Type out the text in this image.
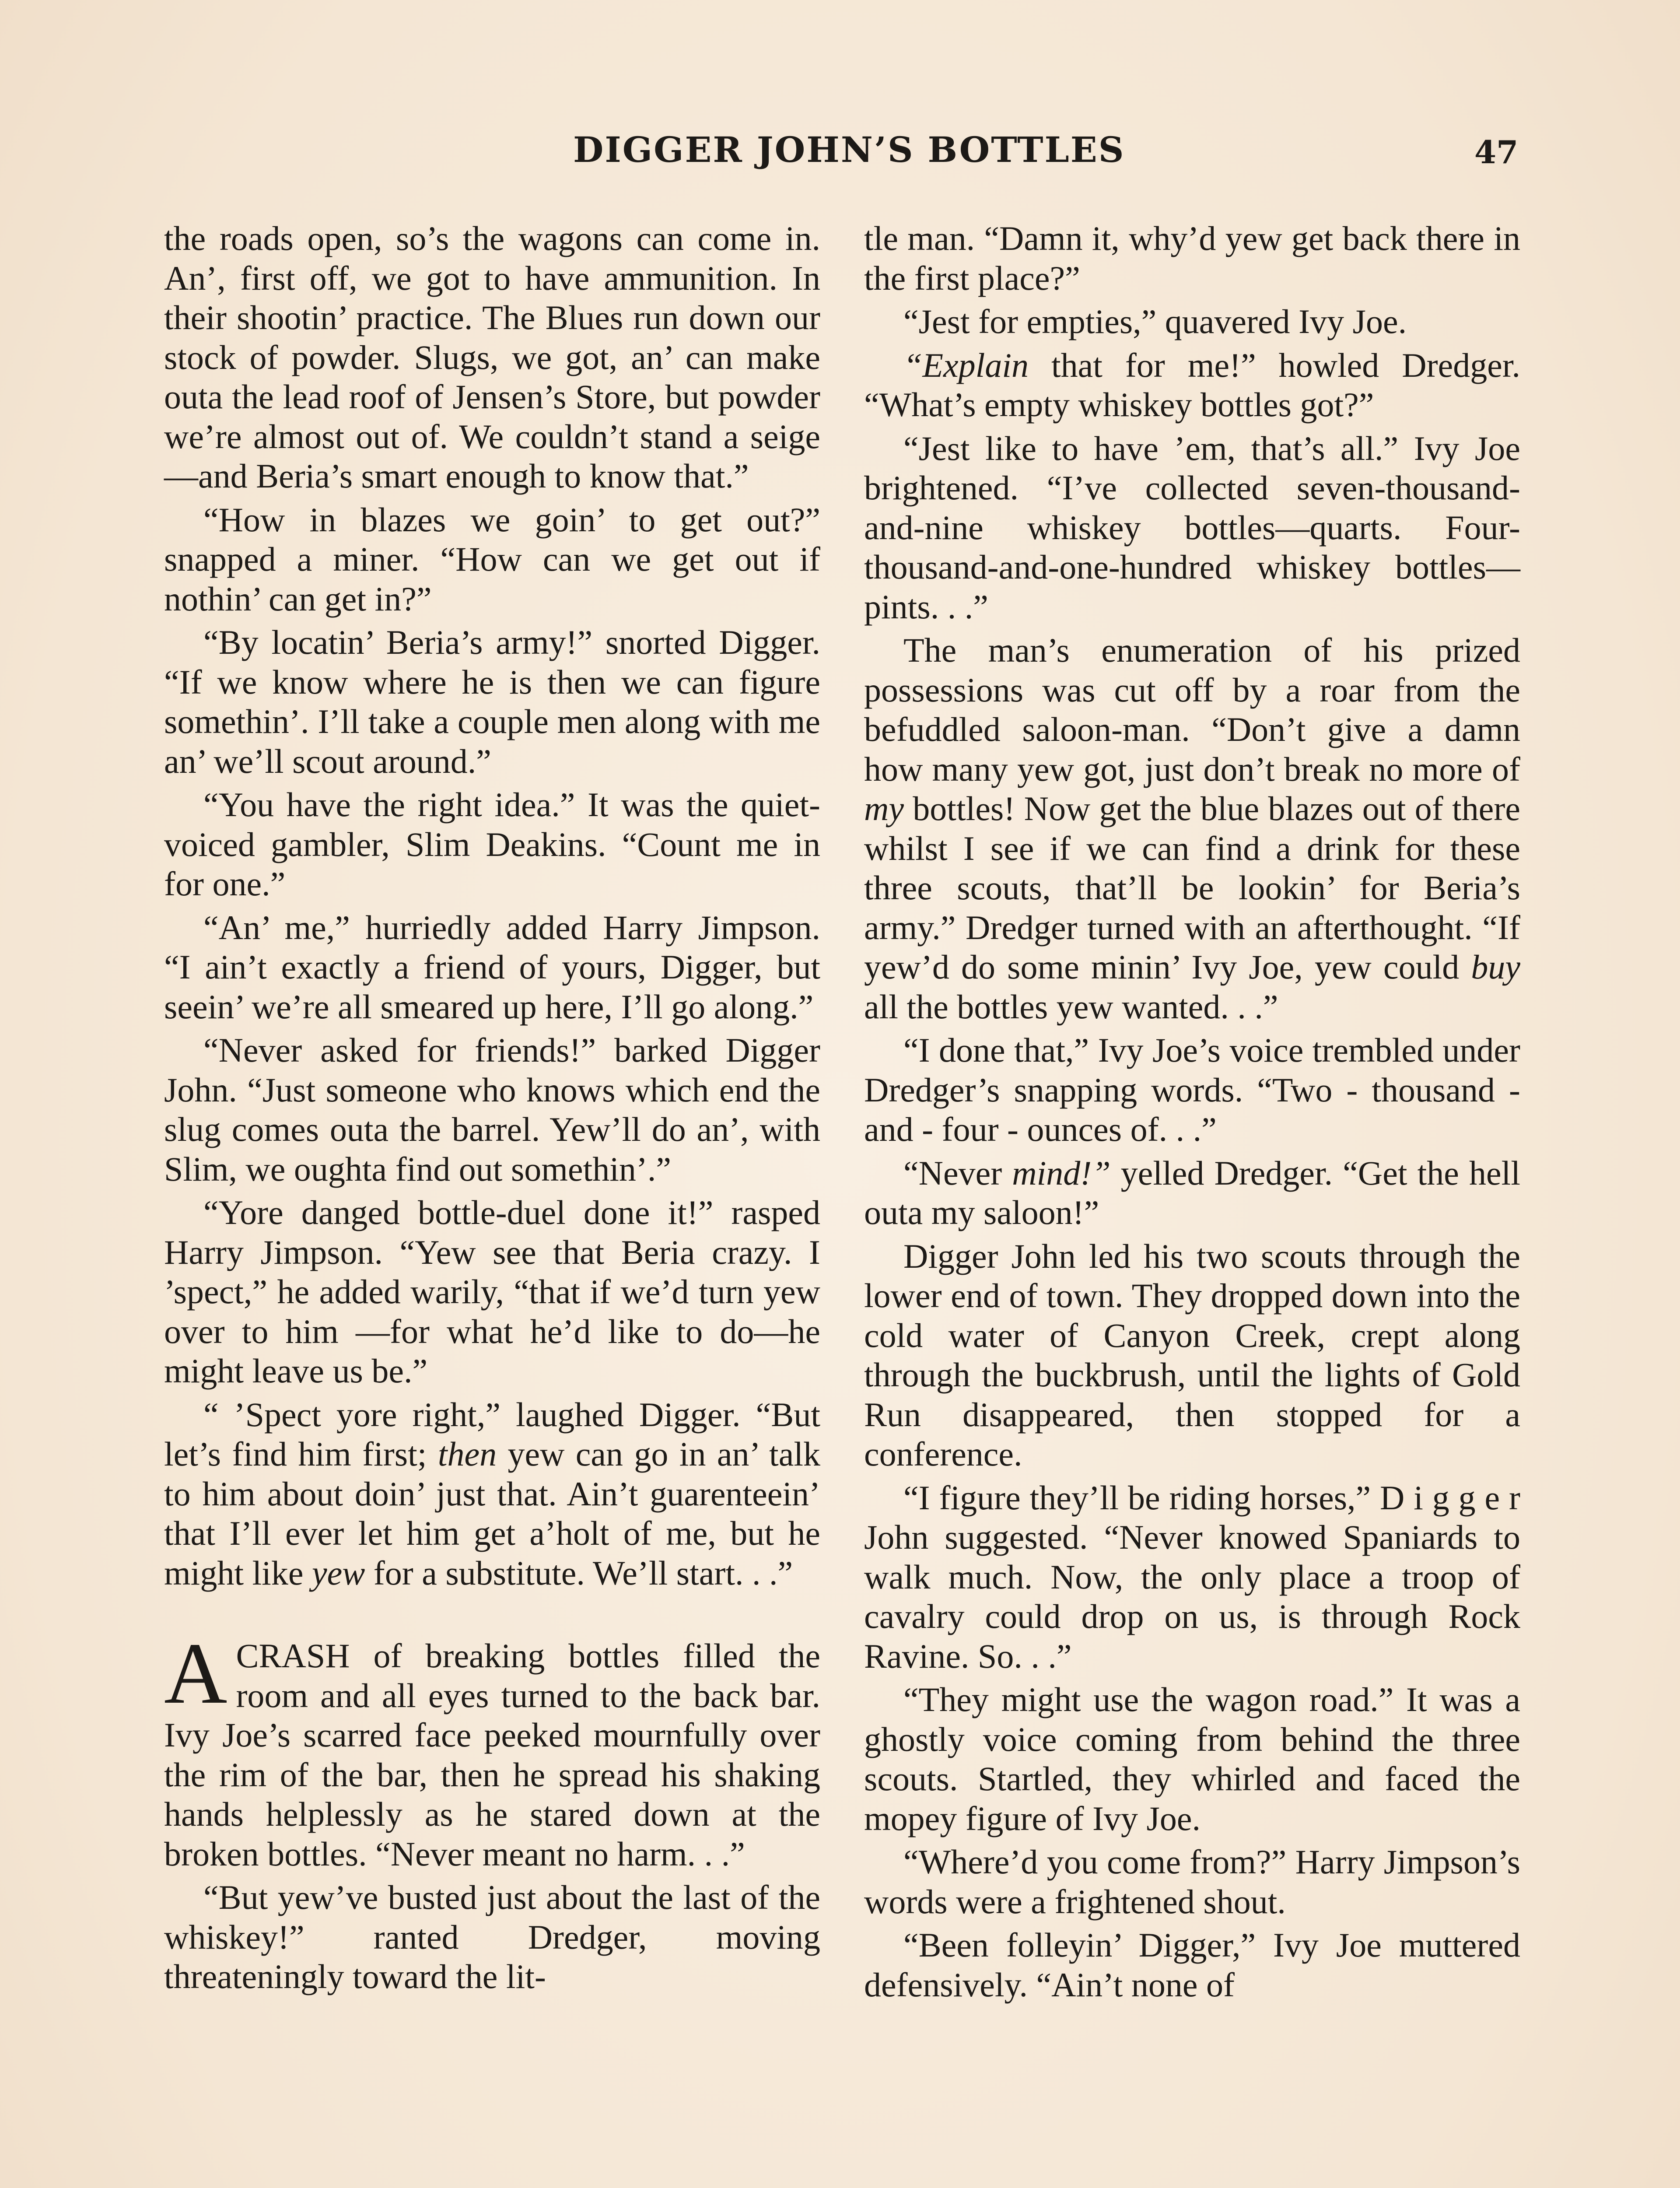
DIGGER JOHN’S BOTTLES	47

the roads open, so’s the wagons can come in. An’, first off, we got to have ammunition. In their shootin’ practice. The Blues run down our stock of powder. Slugs, we got, an’ can make outa the lead roof of Jensen’s Store, but powder we’re almost out of. We couldn’t stand a seige—and Beria’s smart enough to know that.”

“How in blazes we goin’ to get out?” snapped a miner. “How can we get out if nothin’ can get in?”

“By locatin’ Beria’s army!” snorted Digger. “If we know where he is then we can figure somethin’. I’ll take a couple men along with me an’ we’ll scout around.”

“You have the right idea.” It was the quiet-voiced gambler, Slim Deakins. “Count me in for one.”

“An’ me,” hurriedly added Harry Jimpson. “I ain’t exactly a friend of yours, Digger, but seein’ we’re all smeared up here, I’ll go along.”

“Never asked for friends!” barked Digger John. “Just someone who knows which end the slug comes outa the barrel. Yew’ll do an’, with Slim, we oughta find out somethin’.”

“Yore danged bottle-duel done it!” rasped Harry Jimpson. “Yew see that Beria crazy. I ’spect,” he added warily, “that if we’d turn yew over to him —for what he’d like to do—he might leave us be.”

“ ’Spect yore right,” laughed Digger. “But let’s find him first; then yew can go in an’ talk to him about doin’ just that. Ain’t guarenteein’ that I’ll ever let him get a’holt of me, but he might like yew for a substitute. We’ll start. . .”

ACRASH of breaking bottles filled the room and all eyes turned to the back bar. Ivy Joe’s scarred face peeked mournfully over the rim of the bar, then he spread his shaking hands helplessly as he stared down at the broken bottles. “Never meant no harm. . .”

“But yew’ve busted just about the last of the whiskey!” ranted Dredger, moving threateningly toward the lit-

tle man. “Damn it, why’d yew get back there in the first place?”

“Jest for empties,” quavered Ivy Joe.

“Explain that for me!” howled Dredger. “What’s empty whiskey bottles got?”

“Jest like to have ’em, that’s all.” Ivy Joe brightened. “I’ve collected seven-thousand-and-nine whiskey bottles—quarts. Four-thousand-and-one-hundred whiskey bottles—pints. . .”

The man’s enumeration of his prized possessions was cut off by a roar from the befuddled saloon-man. “Don’t give a damn how many yew got, just don’t break no more of my bottles! Now get the blue blazes out of there whilst I see if we can find a drink for these three scouts, that’ll be lookin’ for Beria’s army.” Dredger turned with an afterthought. “If yew’d do some minin’ Ivy Joe, yew could buy all the bottles yew wanted. . .”

“I done that,” Ivy Joe’s voice trembled under Dredger’s snapping words. “Two - thousand - and - four - ounces of. . .”

“Never mind!” yelled Dredger. “Get the hell outa my saloon!”

Digger John led his two scouts through the lower end of town. They dropped down into the cold water of Canyon Creek, crept along through the buckbrush, until the lights of Gold Run disappeared, then stopped for a conference.

“I figure they’ll be riding horses,” D i g g e r John suggested. “Never knowed Spaniards to walk much. Now, the only place a troop of cavalry could drop on us, is through Rock Ravine. So. . .”

“They might use the wagon road.” It was a ghostly voice coming from behind the three scouts. Startled, they whirled and faced the mopey figure of Ivy Joe.

“Where’d you come from?” Harry Jimpson’s words were a frightened shout.

“Been folleyin’ Digger,” Ivy Joe muttered defensively. “Ain’t none of
